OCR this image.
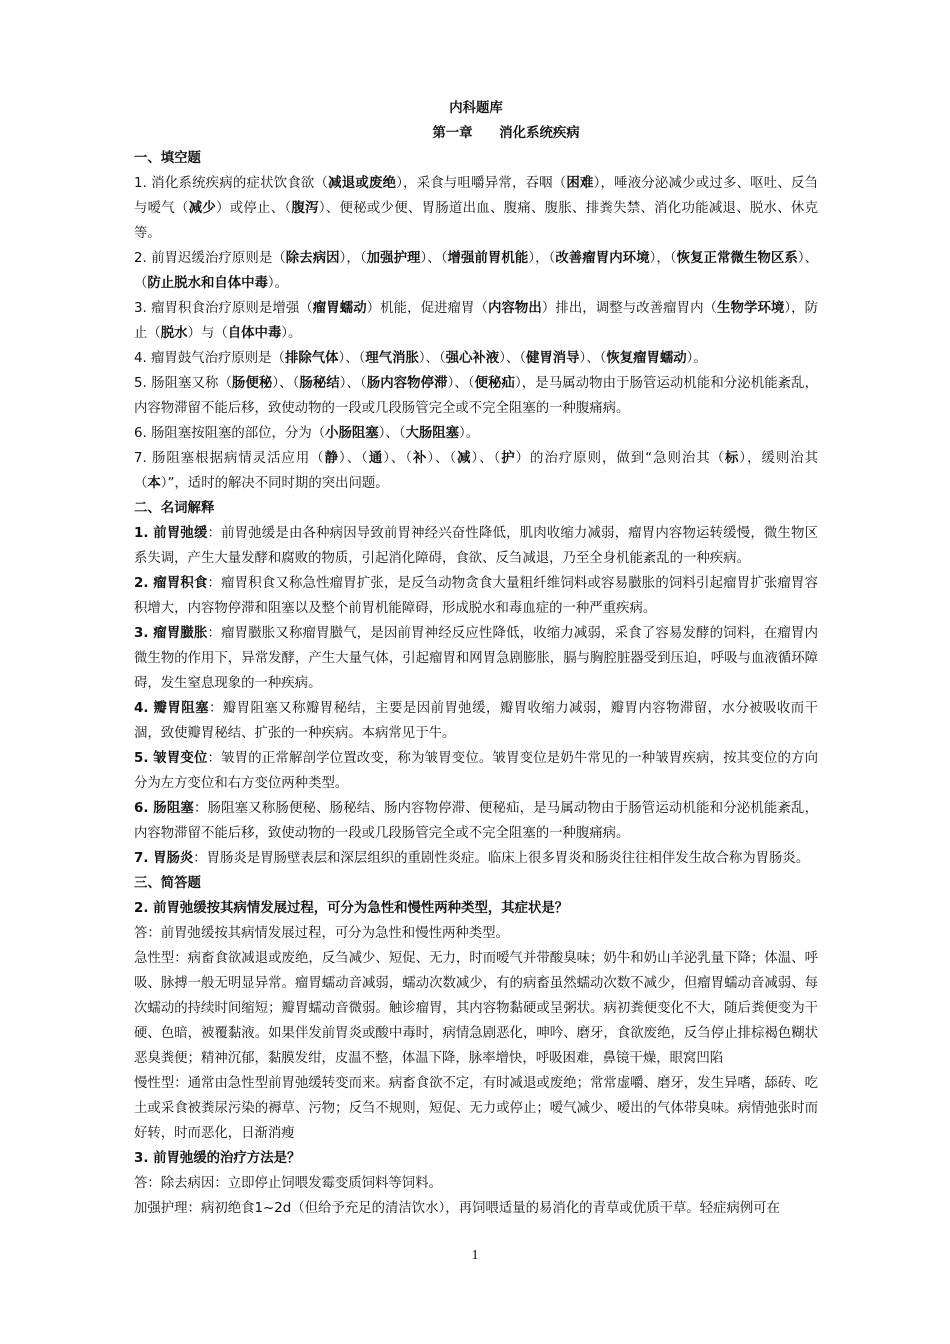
内科题库

第一章　　消化系统疾病

一、填空题

1. 消化系统疾病的症状饮食欲（减退或废绝），采食与咀嚼异常，吞咽（困难），唾液分泌减少或过多、呕吐、反刍与嗳气（减少）或停止、（腹泻）、便秘或少便、胃肠道出血、腹痛、腹胀、排粪失禁、消化功能减退、脱水、休克等。

2. 前胃迟缓治疗原则是（除去病因），（加强护理）、（增强前胃机能），（改善瘤胃内环境），（恢复正常微生物区系）、（防止脱水和自体中毒）。

3. 瘤胃积食治疗原则是增强（瘤胃蠕动）机能，促进瘤胃（内容物出）排出，调整与改善瘤胃内（生物学环境），防止（脱水）与（自体中毒）。

4. 瘤胃鼓气治疗原则是（排除气体）、（理气消胀）、（强心补液）、（健胃消导）、（恢复瘤胃蠕动）。

5. 肠阻塞又称（肠便秘）、（肠秘结）、（肠内容物停滞）、（便秘疝），是马属动物由于肠管运动机能和分泌机能紊乱，内容物滞留不能后移，致使动物的一段或几段肠管完全或不完全阻塞的一种腹痛病。

6. 肠阻塞按阻塞的部位，分为（小肠阻塞）、（大肠阻塞）。

7. 肠阻塞根据病情灵活应用（静）、（通）、（补）、（减）、（护）的治疗原则，做到“急则治其（标），缓则治其（本）”，适时的解决不同时期的突出问题。

二、名词解释

1. 前胃弛缓：前胃弛缓是由各种病因导致前胃神经兴奋性降低，肌肉收缩力减弱，瘤胃内容物运转缓慢，微生物区系失调，产生大量发酵和腐败的物质，引起消化障碍，食欲、反刍减退，乃至全身机能紊乱的一种疾病。

2. 瘤胃积食：瘤胃积食又称急性瘤胃扩张，是反刍动物贪食大量粗纤维饲料或容易臌胀的饲料引起瘤胃扩张瘤胃容积增大，内容物停滞和阻塞以及整个前胃机能障碍，形成脱水和毒血症的一种严重疾病。

3. 瘤胃臌胀：瘤胃臌胀又称瘤胃臌气，是因前胃神经反应性降低，收缩力减弱，采食了容易发酵的饲料，在瘤胃内微生物的作用下，异常发酵，产生大量气体，引起瘤胃和网胃急剧膨胀，膈与胸腔脏器受到压迫，呼吸与血液循环障碍，发生窒息现象的一种疾病。

4. 瓣胃阻塞：瓣胃阻塞又称瓣胃秘结，主要是因前胃弛缓，瓣胃收缩力减弱，瓣胃内容物滞留，水分被吸收而干涸，致使瓣胃秘结、扩张的一种疾病。本病常见于牛。

5. 皱胃变位：皱胃的正常解剖学位置改变，称为皱胃变位。皱胃变位是奶牛常见的一种皱胃疾病，按其变位的方向分为左方变位和右方变位两种类型。

6. 肠阻塞：肠阻塞又称肠便秘、肠秘结、肠内容物停滞、便秘疝，是马属动物由于肠管运动机能和分泌机能紊乱，内容物滞留不能后移，致使动物的一段或几段肠管完全或不完全阻塞的一种腹痛病。

7. 胃肠炎：胃肠炎是胃肠壁表层和深层组织的重剧性炎症。临床上很多胃炎和肠炎往往相伴发生故合称为胃肠炎。

三、简答题

2. 前胃弛缓按其病情发展过程，可分为急性和慢性两种类型，其症状是？

答：前胃弛缓按其病情发展过程，可分为急性和慢性两种类型。

急性型：病畜食欲减退或废绝，反刍减少、短促、无力，时而嗳气并带酸臭味；奶牛和奶山羊泌乳量下降；体温、呼吸、脉搏一般无明显异常。瘤胃蠕动音减弱，蠕动次数减少，有的病畜虽然蠕动次数不减少，但瘤胃蠕动音减弱、每次蠕动的持续时间缩短；瓣胃蠕动音微弱。触诊瘤胃，其内容物黏硬或呈粥状。病初粪便变化不大，随后粪便变为干硬、色暗，被覆黏液。如果伴发前胃炎或酸中毒时，病情急剧恶化，呻吟、磨牙，食欲废绝，反刍停止排棕褐色糊状恶臭粪便；精神沉郁，黏膜发绀，皮温不整，体温下降，脉率增快，呼吸困难，鼻镜干燥，眼窝凹陷

慢性型：通常由急性型前胃弛缓转变而来。病畜食欲不定，有时减退或废绝；常常虚嚼、磨牙，发生异嗜，舔砖、吃土或采食被粪尿污染的褥草、污物；反刍不规则，短促、无力或停止；嗳气减少、嗳出的气体带臭味。病情弛张时而好转，时而恶化，日渐消瘦

3. 前胃弛缓的治疗方法是？

答：除去病因：立即停止饲喂发霉变质饲料等饲料。

加强护理：病初绝食1~2d（但给予充足的清洁饮水），再饲喂适量的易消化的青草或优质干草。轻症病例可在

1
